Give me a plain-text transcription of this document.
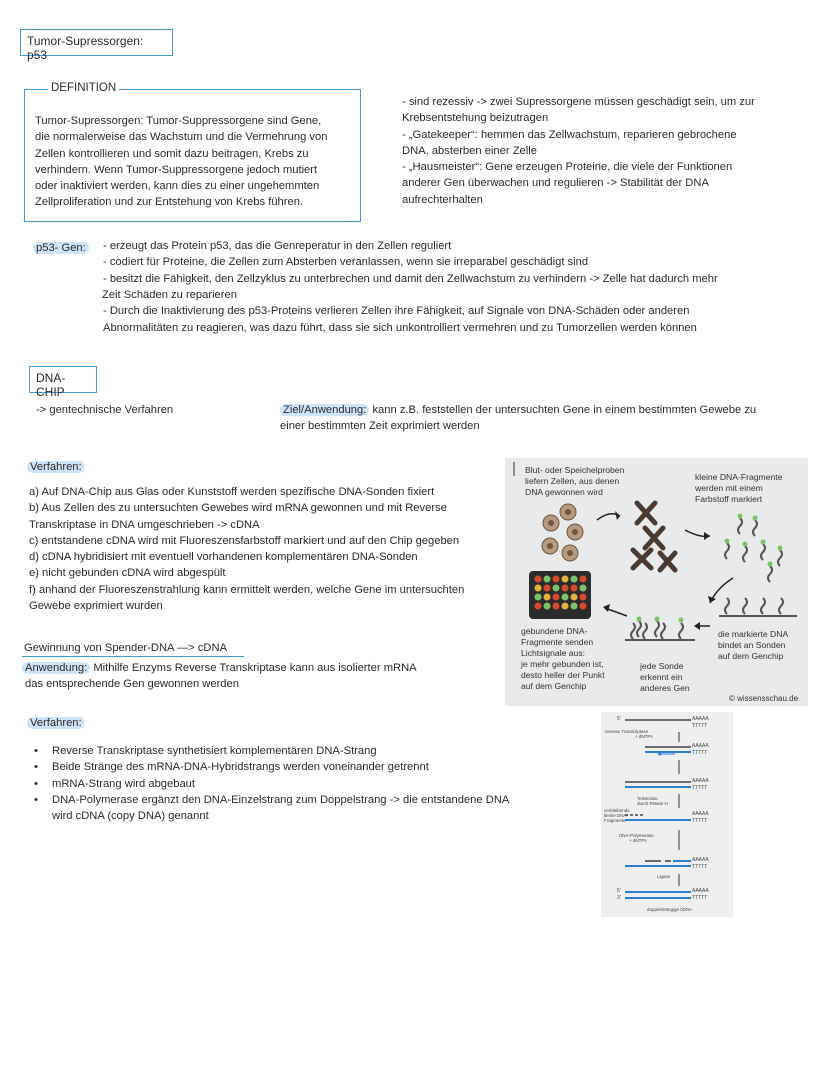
Tumor-Supressorgen: p53
DEFINITION
Tumor-Supressorgen: Tumor-Suppressorgene sind Gene,
die normalerweise das Wachstum und die Vermehrung von
Zellen kontrollieren und somit dazu beitragen, Krebs zu
verhindern. Wenn Tumor-Suppressorgene jedoch mutiert
oder inaktiviert werden, kann dies zu einer ungehemmten
Zellproliferation und zur Entstehung von Krebs führen.
- sind rezessiv -> zwei Supressorgene müssen geschädigt sein, um zur
Krebsentstehung beizutragen
- „Gatekeeper“: hemmen das Zellwachstum, reparieren gebrochene
DNA, absterben einer Zelle
- „Hausmeister“: Gene erzeugen Proteine, die viele der Funktionen
anderer Gen überwachen und regulieren -> Stabilität der DNA
aufrechterhalten
p53- Gen: - erzeugt das Protein p53, das die Genreperatur in den Zellen reguliert
- codiert für Proteine, die Zellen zum Absterben veranlassen, wenn sie irreparabel geschädigt sind
- besitzt die Fähigkeit, den Zellzyklus zu unterbrechen und damit den Zellwachstum zu verhindern -> Zelle hat dadurch mehr
Zeit Schäden zu reparieren
- Durch die Inaktivierung des p53-Proteins verlieren Zellen ihre Fähigkeit, auf Signale von DNA-Schäden oder anderen
Abnormalitäten zu reagieren, was dazu führt, dass sie sich unkontrolliert vermehren und zu Tumorzellen werden können
DNA-CHIP
-> gentechnische Verfahren	Ziel/Anwendung: kann z.B. feststellen der untersuchten Gene in einem bestimmten Gewebe zu
einer bestimmten Zeit exprimiert werden
Verfahren:
a) Auf DNA-Chip aus Glas oder Kunststoff werden spezifische DNA-Sonden fixiert
b) Aus Zellen des zu untersuchten Gewebes wird mRNA gewonnen und mit Reverse
Transkriptase in DNA umgeschrieben -> cDNA
c) entstandene cDNA wird mit Fluoreszensfarbstoff markiert und auf den Chip gegeben
d) cDNA hybridisiert mit eventuell vorhandenen komplementären DNA-Sonden
e) nicht gebunden cDNA wird abgespült
f) anhand der Fluoreszenstrahlung kann ermittelt werden, welche Gene im untersuchten
Gewebe exprimiert wurden
Blut- oder Speichelproben
liefern Zellen, aus denen
DNA gewonnen wird
kleine DNA-Fragmente
werden mit einem
Farbstoff markiert
gebundene DNA-
Fragmente senden
Lichtsignale aus:
je mehr gebunden ist,
desto heller der Punkt
auf dem Genchip
jede Sonde
erkennt ein
anderes Gen
die markierte DNA
bindet an Sonden
auf dem Genchip
© wissensschau.de
Gewinnung von Spender-DNA —> cDNA
Anwendung: Mithilfe Enzyms Reverse Transkriptase kann aus isolierter mRNA
das entsprechende Gen gewonnen werden
Verfahren:
• Reverse Transkriptase synthetisiert komplementären DNA-Strang
• Beide Stränge des mRNA-DNA-Hybridstrangs werden voneinander getrennt
• mRNA-Strang wird abgebaut
• DNA-Polymerase ergänzt den DNA-Einzelstrang zum Doppelstrang -> die entstandene DNA wird cDNA (copy DNA) genannt
AAAAA
TTTTT
AAAAA
TTTTT
AAAAA
TTTTT
AAAAA
TTTTT
AAAAA
TTTTT
AAAAA
TTTTT
5'
5'
3'
reverse Transkriptase
+ dNTPs
Teilverdau
durch RNase H
verbleibende
kleine DNA-
Fragmente
DNA-Polymerase
+ dNTPs
Ligase
doppelsträngige cDNA
